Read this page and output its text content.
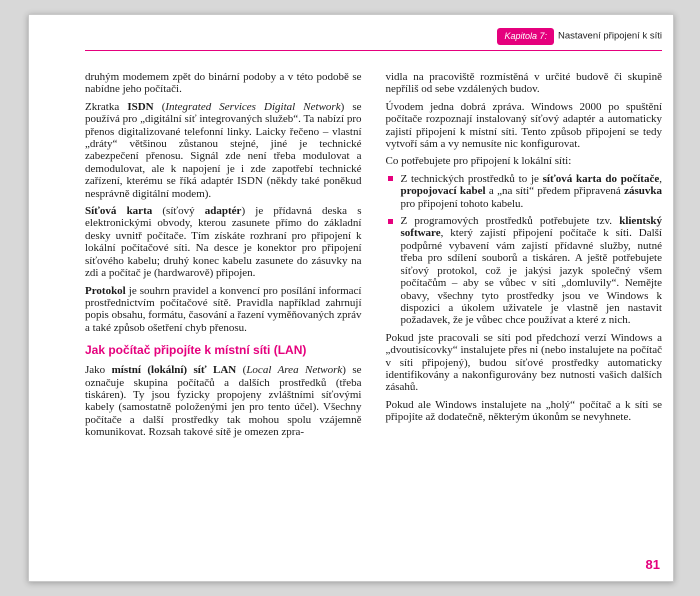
Kapitola 7: Nastavení připojení k síti

druhým modemem zpět do binární podoby a v této podobě se nabídne jeho počítači.

Zkratka ISDN (Integrated Services Digital Network) se používá pro „digitální síť integrovaných služeb“. Ta nabízí pro přenos digitalizované telefonní linky. Laicky řečeno – vlastní „dráty“ většinou zůstanou stejné, jiné je technické zabezpečení přenosu. Signál zde není třeba modulovat a demodulovat, ale k napojení je i zde zapotřebí technické zařízení, kterému se říká adaptér ISDN (někdy také poněkud nesprávně digitální modem).

Síťová karta (síťový adaptér) je přídavná deska s elektronickými obvody, kterou zasunete přímo do základní desky uvnitř počítače. Tím získáte rozhraní pro připojení k lokální počítačové síti. Na desce je konektor pro připojení síťového kabelu; druhý konec kabelu zasunete do zásuvky na zdi a počítač je (hardwarově) připojen.

Protokol je souhrn pravidel a konvencí pro posílání informací prostřednictvím počítačové sítě. Pravidla například zahrnují popis obsahu, formátu, časování a řazení vyměňovaných zpráv a také způsob ošetření chyb přenosu.

Jak počítač připojíte k místní síti (LAN)

Jako místní (lokální) síť LAN (Local Area Network) se označuje skupina počítačů a dalších prostředků (třeba tiskáren). Ty jsou fyzicky propojeny zvláštními síťovými kabely (samostatně položenými jen pro tento účel). Všechny počítače a další prostředky tak mohou spolu vzájemně komunikovat. Rozsah takové sítě je omezen zpra-

vidla na pracoviště rozmístěná v určité budově či skupině nepříliš od sebe vzdálených budov.

Úvodem jedna dobrá zpráva. Windows 2000 po spuštění počítače rozpoznají instalovaný síťový adaptér a automaticky zajistí připojení k místní síti. Tento způsob připojení se tedy vytvoří sám a vy nemusíte nic konfigurovat.

Co potřebujete pro připojení k lokální síti:

Z technických prostředků to je síťová karta do počítače, propojovací kabel a „na síti“ předem připravená zásuvka pro připojení tohoto kabelu.
Z programových prostředků potřebujete tzv. klientský software, který zajistí připojení počítače k síti. Další podpůrné vybavení vám zajistí přídavné služby, nutné třeba pro sdílení souborů a tiskáren. A ještě potřebujete síťový protokol, což je jakýsi jazyk společný všem počítačům – aby se vůbec v síti „domluvily“. Nemějte obavy, všechny tyto prostředky jsou ve Windows k dispozici a úkolem uživatele je vlastně jen nastavit požadavek, že je vůbec chce používat a které z nich.

Pokud jste pracovali se síti pod předchozí verzí Windows a „dvoutisícovky“ instalujete přes ni (nebo instalujete na počítač v síti připojený), budou síťové prostředky automaticky identifikovány a nakonfigurovány bez nutnosti vašich dalších zásahů.

Pokud ale Windows instalujete na „holý“ počítač a k síti se připojíte až dodatečně, některým úkonům se nevyhnete.

81
